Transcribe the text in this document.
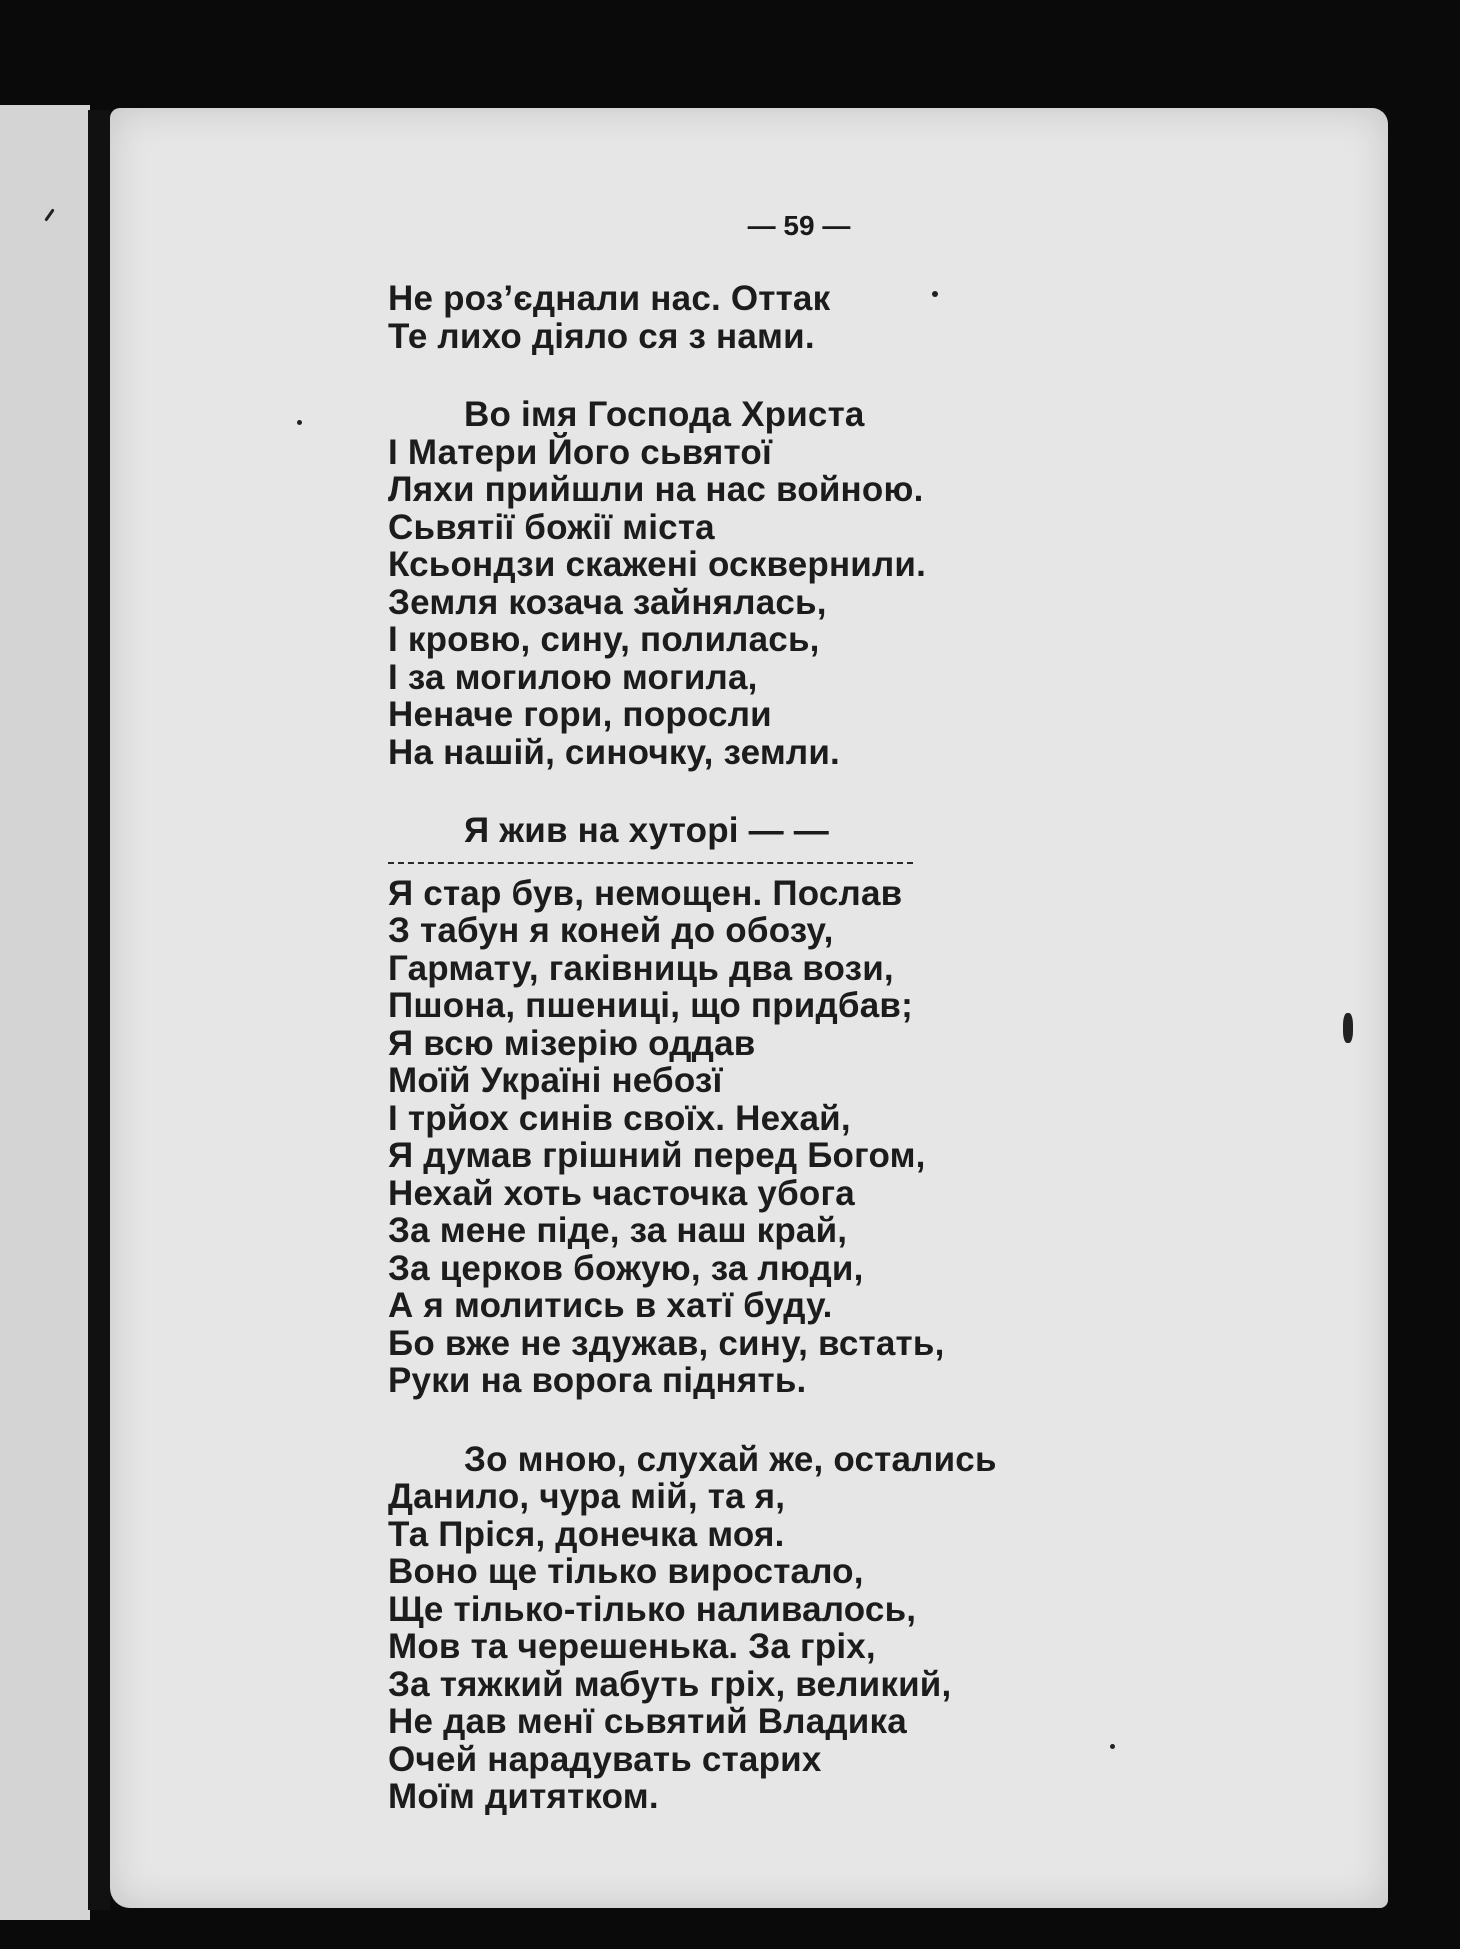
— 59 —
Не роз’єднали нас. Оттак
Те лихо діяло ся з нами.
Во імя Господа Христа
І Матери Його сьвятої
Ляхи прийшли на нас войною.
Сьвятії божії міста
Ксьондзи скажені осквернили.
Земля козача зайнялась,
І кровю, сину, полилась,
І за могилою могила,
Неначе гори, поросли
На нашій, синочку, земли.
Я жив на хуторі — —
Я стар був, немощен. Послав
З табун я коней до обозу,
Гармату, гаківниць два вози,
Пшона, пшениці, що придбав;
Я всю мізерію оддав
Моїй Україні небозї
І трйох синів своїх. Нехай,
Я думав грішний перед Богом,
Нехай хоть часточка убога
За мене піде, за наш край,
За церков божую, за люди,
А я молитись в хатї буду.
Бо вже не здужав, сину, встать,
Руки на ворога піднять.
Зо мною, слухай же, остались
Данило, чура мій, та я,
Та Пріся, донечка моя.
Воно ще тілько виростало,
Ще тілько-тілько наливалось,
Мов та черешенька. За гріх,
За тяжкий мабуть гріх, великий,
Не дав менї сьвятий Владика
Очей нарадувать старих
Моїм дитятком.
